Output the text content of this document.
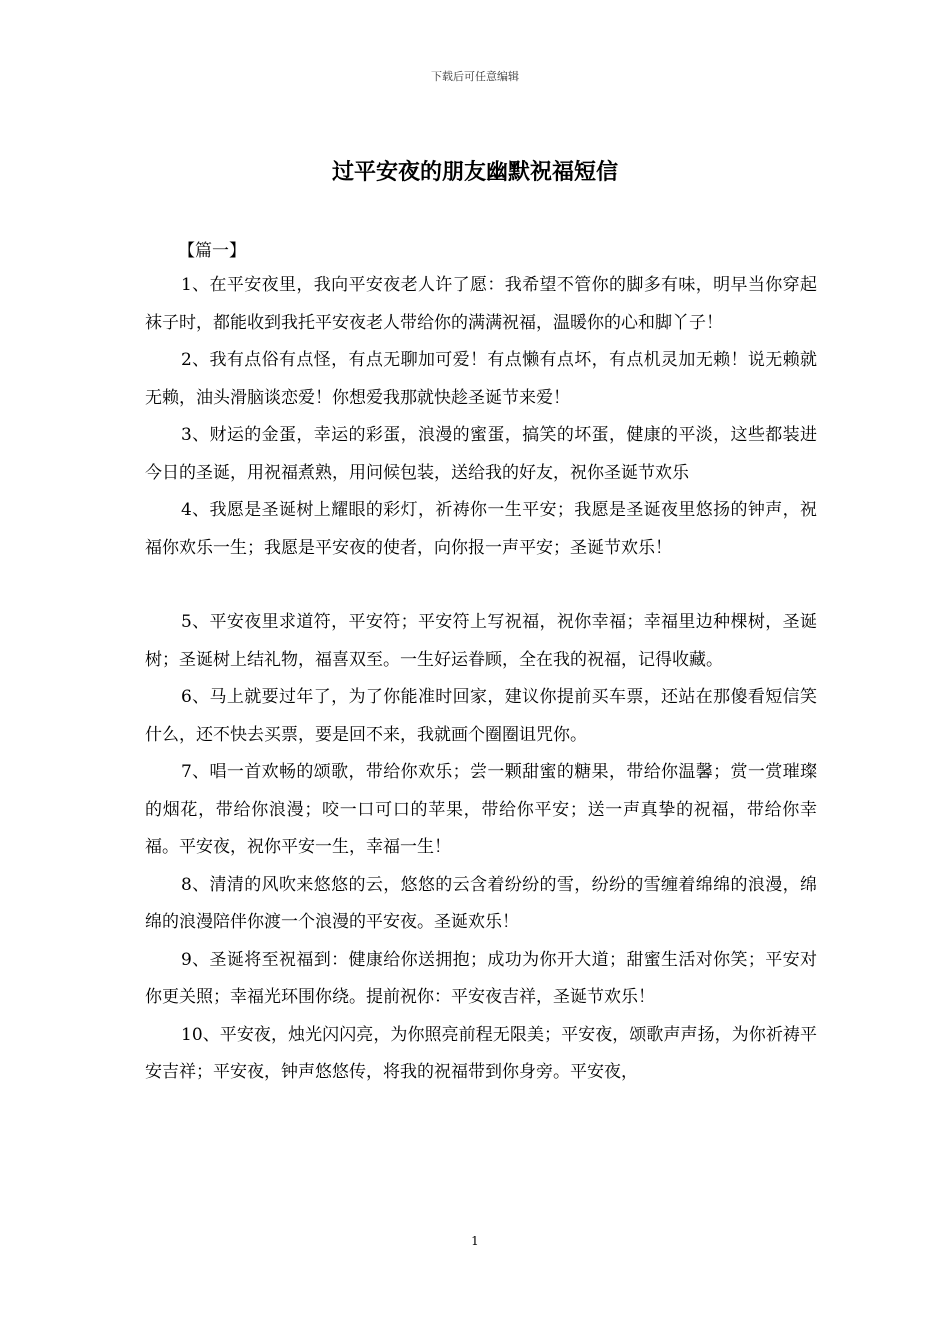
下载后可任意编辑
过平安夜的朋友幽默祝福短信
【篇一】

1、在平安夜里，我向平安夜老人许了愿：我希望不管你的脚多有味，明早当你穿起袜子时，都能收到我托平安夜老人带给你的满满祝福，温暖你的心和脚丫子！

2、我有点俗有点怪，有点无聊加可爱！有点懒有点坏，有点机灵加无赖！说无赖就无赖，油头滑脑谈恋爱！你想爱我那就快趁圣诞节来爱！

3、财运的金蛋，幸运的彩蛋，浪漫的蜜蛋，搞笑的坏蛋，健康的平淡，这些都装进今日的圣诞，用祝福煮熟，用问候包装，送给我的好友，祝你圣诞节欢乐

4、我愿是圣诞树上耀眼的彩灯，祈祷你一生平安；我愿是圣诞夜里悠扬的钟声，祝福你欢乐一生；我愿是平安夜的使者，向你报一声平安；圣诞节欢乐！

5、平安夜里求道符，平安符；平安符上写祝福，祝你幸福；幸福里边种棵树，圣诞树；圣诞树上结礼物，福喜双至。一生好运眷顾，全在我的祝福，记得收藏。

6、马上就要过年了，为了你能准时回家，建议你提前买车票，还站在那傻看短信笑什么，还不快去买票，要是回不来，我就画个圈圈诅咒你。

7、唱一首欢畅的颂歌，带给你欢乐；尝一颗甜蜜的糖果，带给你温馨；赏一赏璀璨的烟花，带给你浪漫；咬一口可口的苹果，带给你平安；送一声真挚的祝福，带给你幸福。平安夜，祝你平安一生，幸福一生！

8、清清的风吹来悠悠的云，悠悠的云含着纷纷的雪，纷纷的雪缠着绵绵的浪漫，绵绵的浪漫陪伴你渡一个浪漫的平安夜。圣诞欢乐！

9、圣诞将至祝福到：健康给你送拥抱；成功为你开大道；甜蜜生活对你笑；平安对你更关照；幸福光环围你绕。提前祝你：平安夜吉祥，圣诞节欢乐！

10、平安夜，烛光闪闪亮，为你照亮前程无限美；平安夜，颂歌声声扬，为你祈祷平安吉祥；平安夜，钟声悠悠传，将我的祝福带到你身旁。平安夜，

1
